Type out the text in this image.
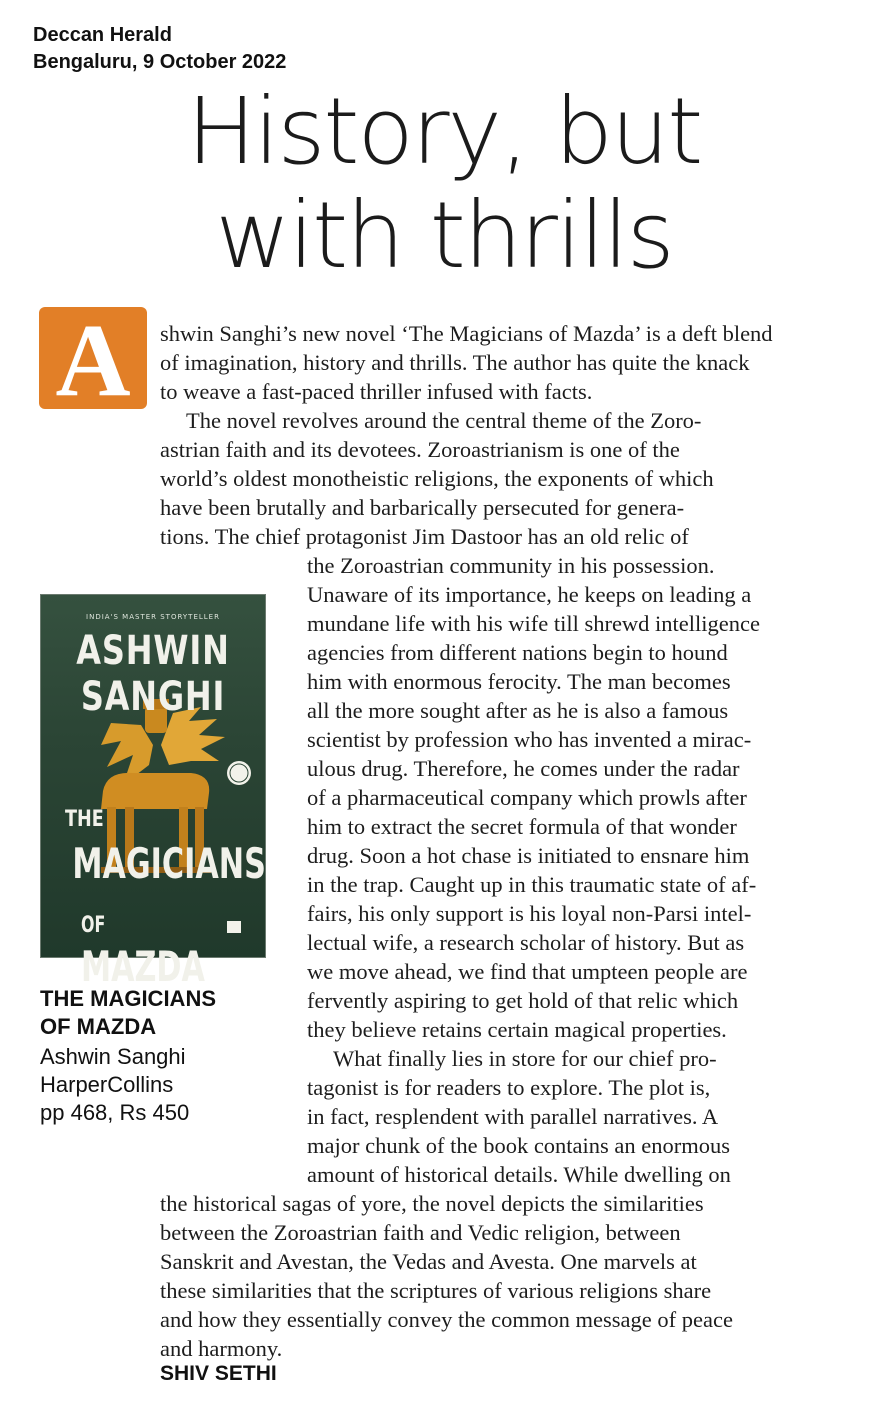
Deccan Herald
Bengaluru, 9 October 2022
History, but
with thrills
A	shwin Sanghi’s new novel ‘The Magicians of Mazda’ is a deft blend
of imagination, history and thrills. The author has quite the knack
to weave a fast-paced thriller infused with facts.
The novel revolves around the central theme of the Zoro-
astrian faith and its devotees. Zoroastrianism is one of the
world’s oldest monotheistic religions, the exponents of which
have been brutally and barbarically persecuted for genera-
tions. The chief protagonist Jim Dastoor has an old relic of
the Zoroastrian community in his possession.
Unaware of its importance, he keeps on leading a
mundane life with his wife till shrewd intelligence
agencies from different nations begin to hound
him with enormous ferocity. The man becomes
all the more sought after as he is also a famous
scientist by profession who has invented a mirac-
ulous drug. Therefore, he comes under the radar
of a pharmaceutical company which prowls after
him to extract the secret formula of that wonder
drug. Soon a hot chase is initiated to ensnare him
in the trap. Caught up in this traumatic state of af-
fairs, his only support is his loyal non-Parsi intel-
lectual wife, a research scholar of history. But as
we move ahead, we find that umpteen people are
fervently aspiring to get hold of that relic which
they believe retains certain magical properties.
What finally lies in store for our chief pro-
tagonist is for readers to explore. The plot is,
in fact, resplendent with parallel narratives. A
major chunk of the book contains an enormous
amount of historical details. While dwelling on
the historical sagas of yore, the novel depicts the similarities
between the Zoroastrian faith and Vedic religion, between
Sanskrit and Avestan, the Vedas and Avesta. One marvels at
these similarities that the scriptures of various religions share
and how they essentially convey the common message of peace
and harmony.
INDIA'S MASTER STORYTELLER
ASHWIN
SANGHI
THE
MAGICIANS
OF MAZDA
THE MAGICIANS
OF MAZDA
Ashwin Sanghi
HarperCollins
pp 468, Rs 450
SHIV SETHI
